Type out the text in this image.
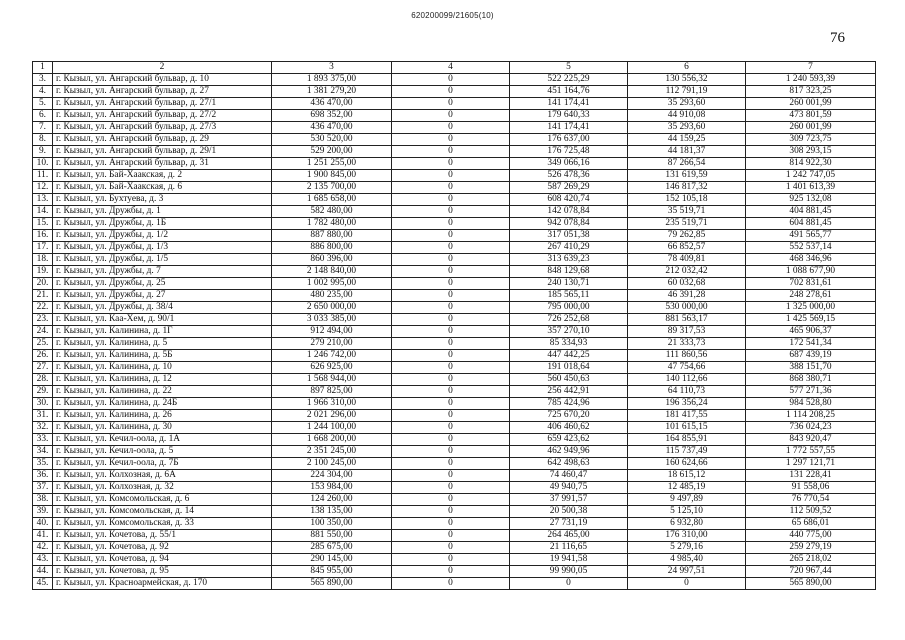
620200099/21605(10)
76
1	2	3	4	5	6	7
3.	г. Кызыл, ул. Ангарский бульвар, д. 10	1 893 375,00	0	522 225,29	130 556,32	1 240 593,39
4.	г. Кызыл, ул. Ангарский бульвар, д. 27	1 381 279,20	0	451 164,76	112 791,19	817 323,25
5.	г. Кызыл, ул. Ангарский бульвар, д. 27/1	436 470,00	0	141 174,41	35 293,60	260 001,99
6.	г. Кызыл, ул. Ангарский бульвар, д. 27/2	698 352,00	0	179 640,33	44 910,08	473 801,59
7.	г. Кызыл, ул. Ангарский бульвар, д. 27/3	436 470,00	0	141 174,41	35 293,60	260 001,99
8.	г. Кызыл, ул. Ангарский бульвар, д. 29	530 520,00	0	176 637,00	44 159,25	309 723,75
9.	г. Кызыл, ул. Ангарский бульвар, д. 29/1	529 200,00	0	176 725,48	44 181,37	308 293,15
10.	г. Кызыл, ул. Ангарский бульвар, д. 31	1 251 255,00	0	349 066,16	87 266,54	814 922,30
11.	г. Кызыл, ул. Бай-Хаакская, д. 2	1 900 845,00	0	526 478,36	131 619,59	1 242 747,05
12.	г. Кызыл, ул. Бай-Хаакская, д. 6	2 135 700,00	0	587 269,29	146 817,32	1 401 613,39
13.	г. Кызыл, ул. Бухтуева, д. 3	1 685 658,00	0	608 420,74	152 105,18	925 132,08
14.	г. Кызыл, ул. Дружбы, д. 1	582 480,00	0	142 078,84	35 519,71	404 881,45
15.	г. Кызыл, ул. Дружбы, д. 1Б	1 782 480,00	0	942 078,84	235 519,71	604 881,45
16.	г. Кызыл, ул. Дружбы, д. 1/2	887 880,00	0	317 051,38	79 262,85	491 565,77
17.	г. Кызыл, ул. Дружбы, д. 1/3	886 800,00	0	267 410,29	66 852,57	552 537,14
18.	г. Кызыл, ул. Дружбы, д. 1/5	860 396,00	0	313 639,23	78 409,81	468 346,96
19.	г. Кызыл, ул. Дружбы, д. 7	2 148 840,00	0	848 129,68	212 032,42	1 088 677,90
20.	г. Кызыл, ул. Дружбы, д. 25	1 002 995,00	0	240 130,71	60 032,68	702 831,61
21.	г. Кызыл, ул. Дружбы, д. 27	480 235,00	0	185 565,11	46 391,28	248 278,61
22.	г. Кызыл, ул. Дружбы, д. 38/4	2 650 000,00	0	795 000,00	530 000,00	1 325 000,00
23.	г. Кызыл, ул. Каа-Хем, д. 90/1	3 033 385,00	0	726 252,68	881 563,17	1 425 569,15
24.	г. Кызыл, ул. Калинина, д. 1Г	912 494,00	0	357 270,10	89 317,53	465 906,37
25.	г. Кызыл, ул. Калинина, д. 5	279 210,00	0	85 334,93	21 333,73	172 541,34
26.	г. Кызыл, ул. Калинина, д. 5Б	1 246 742,00	0	447 442,25	111 860,56	687 439,19
27.	г. Кызыл, ул. Калинина, д. 10	626 925,00	0	191 018,64	47 754,66	388 151,70
28.	г. Кызыл, ул. Калинина, д. 12	1 568 944,00	0	560 450,63	140 112,66	868 380,71
29.	г. Кызыл, ул. Калинина, д. 22	897 825,00	0	256 442,91	64 110,73	577 271,36
30.	г. Кызыл, ул. Калинина, д. 24Б	1 966 310,00	0	785 424,96	196 356,24	984 528,80
31.	г. Кызыл, ул. Калинина, д. 26	2 021 296,00	0	725 670,20	181 417,55	1 114 208,25
32.	г. Кызыл, ул. Калинина, д. 30	1 244 100,00	0	406 460,62	101 615,15	736 024,23
33.	г. Кызыл, ул. Кечил-оола, д. 1А	1 668 200,00	0	659 423,62	164 855,91	843 920,47
34.	г. Кызыл, ул. Кечил-оола, д. 5	2 351 245,00	0	462 949,96	115 737,49	1 772 557,55
35.	г. Кызыл, ул. Кечил-оола, д. 7Б	2 100 245,00	0	642 498,63	160 624,66	1 297 121,71
36.	г. Кызыл, ул. Колхозная, д. 6А	224 304,00	0	74 460,47	18 615,12	131 228,41
37.	г. Кызыл, ул. Колхозная, д. 32	153 984,00	0	49 940,75	12 485,19	91 558,06
38.	г. Кызыл, ул. Комсомольская, д. 6	124 260,00	0	37 991,57	9 497,89	76 770,54
39.	г. Кызыл, ул. Комсомольская, д. 14	138 135,00	0	20 500,38	5 125,10	112 509,52
40.	г. Кызыл, ул. Комсомольская, д. 33	100 350,00	0	27 731,19	6 932,80	65 686,01
41.	г. Кызыл, ул. Кочетова, д. 55/1	881 550,00	0	264 465,00	176 310,00	440 775,00
42.	г. Кызыл, ул. Кочетова, д. 92	285 675,00	0	21 116,65	5 279,16	259 279,19
43.	г. Кызыл, ул. Кочетова, д. 94	290 145,00	0	19 941,58	4 985,40	265 218,02
44.	г. Кызыл, ул. Кочетова, д. 95	845 955,00	0	99 990,05	24 997,51	720 967,44
45.	г. Кызыл, ул. Красноармейская, д. 170	565 890,00	0	0	0	565 890,00
